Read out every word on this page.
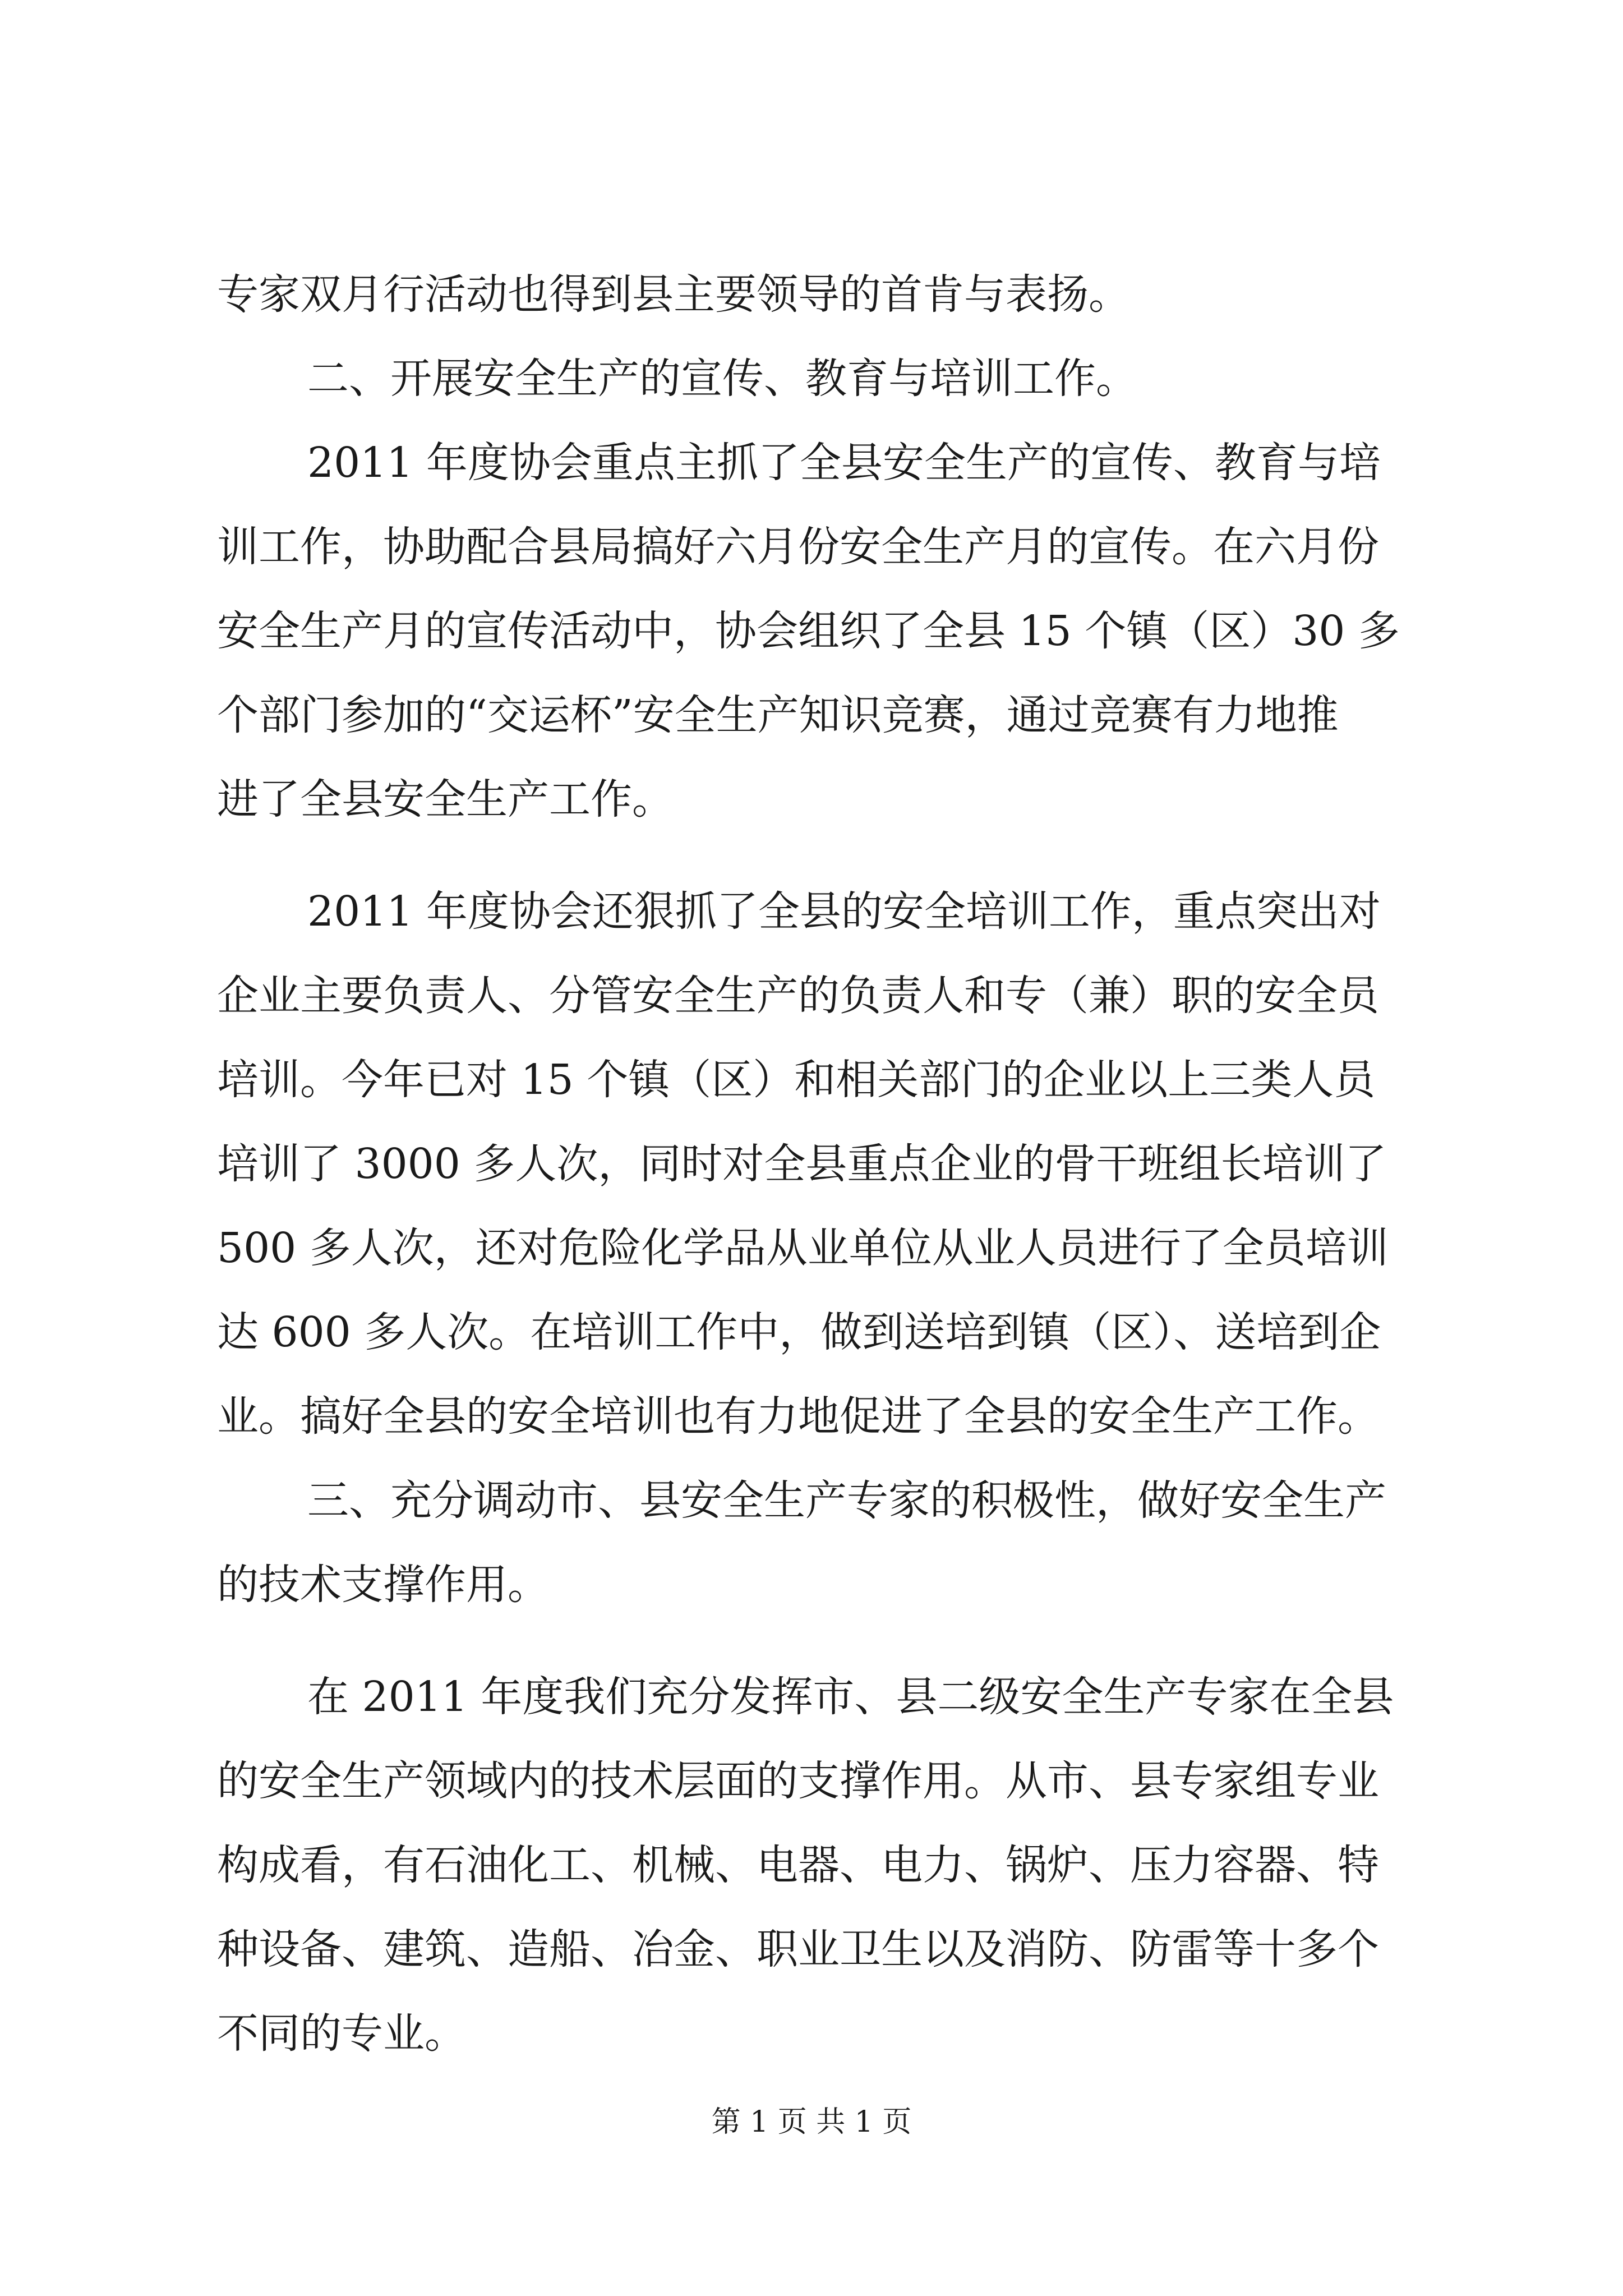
专家双月行活动也得到县主要领导的首肯与表扬。

二、开展安全生产的宣传、教育与培训工作。

2011 年度协会重点主抓了全县安全生产的宣传、教育与培

训工作，协助配合县局搞好六月份安全生产月的宣传。在六月份

安全生产月的宣传活动中，协会组织了全县 15 个镇（区）30 多

个部门参加的“交运杯”安全生产知识竞赛，通过竞赛有力地推

进了全县安全生产工作。

2011 年度协会还狠抓了全县的安全培训工作，重点突出对

企业主要负责人、分管安全生产的负责人和专（兼）职的安全员

培训。今年已对 15 个镇（区）和相关部门的企业以上三类人员

培训了 3000 多人次，同时对全县重点企业的骨干班组长培训了

500 多人次，还对危险化学品从业单位从业人员进行了全员培训

达 600 多人次。在培训工作中，做到送培到镇（区）、送培到企

业。搞好全县的安全培训也有力地促进了全县的安全生产工作。

三、充分调动市、县安全生产专家的积极性，做好安全生产

的技术支撑作用。

在 2011 年度我们充分发挥市、县二级安全生产专家在全县

的安全生产领域内的技术层面的支撑作用。从市、县专家组专业

构成看，有石油化工、机械、电器、电力、锅炉、压力容器、特

种设备、建筑、造船、冶金、职业卫生以及消防、防雷等十多个

不同的专业。

第 1 页 共 1 页
